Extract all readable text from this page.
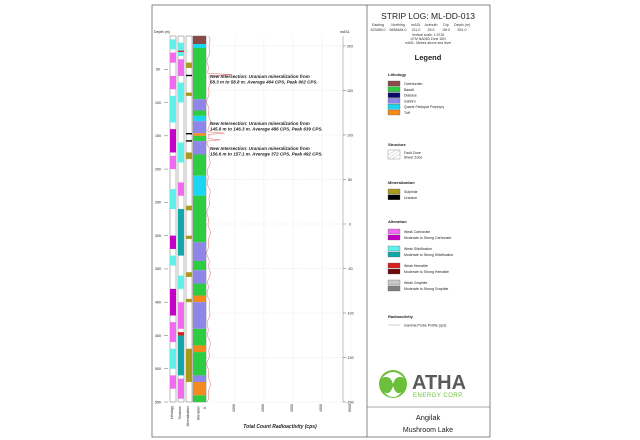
STRIP LOG: ML-DD-013
Easting
523985.0
Northing
6658484.0
mASL
211.0
Azimuth
25.0
Dip
-56.0
Depth (m)
551.0
Vertical scale: 1:3718
UTM NAD83 Zone 16N
mASL: Metres above sea level
Legend
Depth (m)	mASL
50
100
150
200
250
300
350
400
450
500
550
200
150
100
50
0
-50
-100
-150
-200
0	1000	2000	3000	4000	5000
Lithology Structure Mineralization Alteration
Total Count Radioactivity (cps)
New Intersection: Uranium mineralization from 58.3 m to 58.8 m. Average 404 CPS, Peak 902 CPS.
New Intersection: Uranium mineralization from 145.8 m to 146.3 m. Average 486 CPS, Peak 639 CPS.
New Intersection: Uranium mineralization from 156.6 m to 157.1 m. Average 372 CPS, Peak 492 CPS.
Lithology
Overburden
Basalt
Diabase
Gabbro
Quartz Feldspar Porphyry
Tuff
Structure
Fault Zone
Shear Zone
Mineralization
Sulphide
Uranium
Alteration
Weak Carbonate
Moderate to Strong Carbonate
Weak Silicification
Moderate to Strong Silicification
Weak Hematite
Moderate to Strong Hematite
Weak Graphite
Moderate to Strong Graphite
Radioactivity
Gamma Probe Profile (cps)
ATHA
ENERGY CORP.
Angilak
Mushroom Lake
